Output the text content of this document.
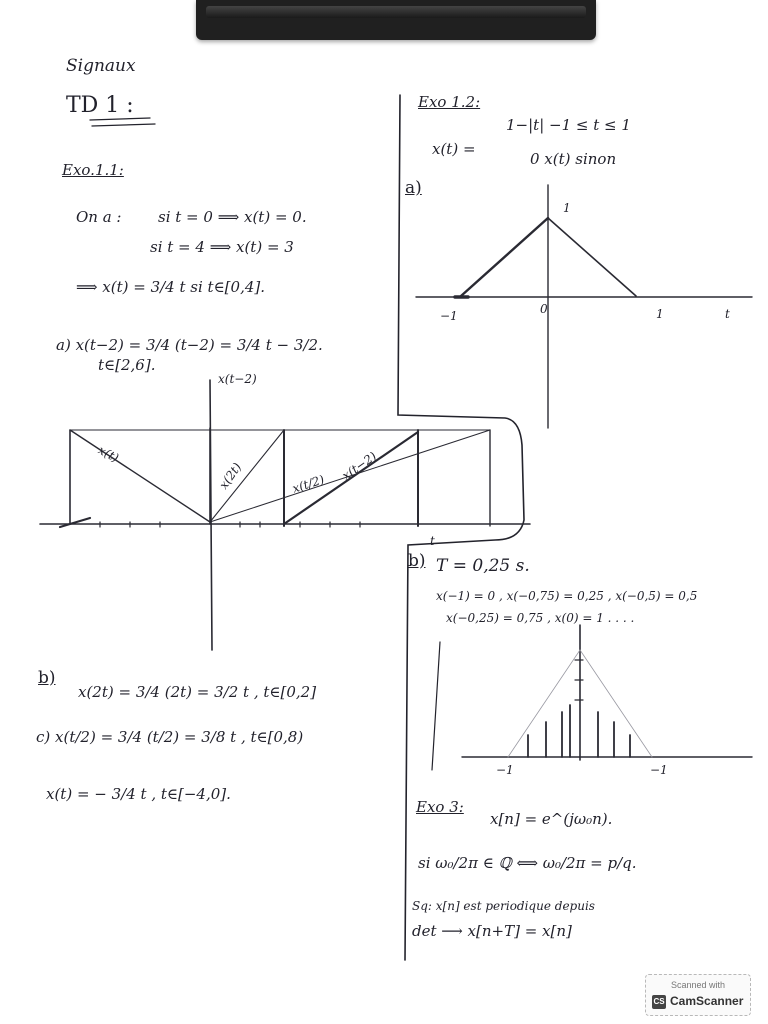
Signaux
TD 1 :
Exo.1.1:
On a : si t = 0 ⟹ x(t) = 0.
si t = 4 ⟹ x(t) = 3
⟹ x(t) = 3/4 t si t∈[0,4].
a) x(t−2) = 3/4 (t−2) = 3/4 t − 3/2.
t∈[2,6].
x(t−2)
x(t)
x(2t)	x(t/2)
x(t−2)
b)
x(2t) = 3/4 (2t) = 3/2 t , t∈[0,2]
c) x(t/2) = 3/4 (t/2) = 3/8 t , t∈[0,8)
x(t) = − 3/4 t , t∈[−4,0].
Exo 1.2:
x(t) =
1−|t| −1 ≤ t ≤ 1
0 x(t) sinon
a)
1
0
−1	1	t
t
b) T = 0,25 s.
x(−1) = 0 , x(−0,75) = 0,25 , x(−0,5) = 0,5
x(−0,25) = 0,75 , x(0) = 1 . . . .
−1	−1
Exo 3:
x[n] = e^(jω₀n).
si ω₀/2π ∈ ℚ ⟺ ω₀/2π = p/q.
Sq: x[n] est periodique depuis
det ⟶ x[n+T] = x[n]
Scanned with
CS CamScanner
